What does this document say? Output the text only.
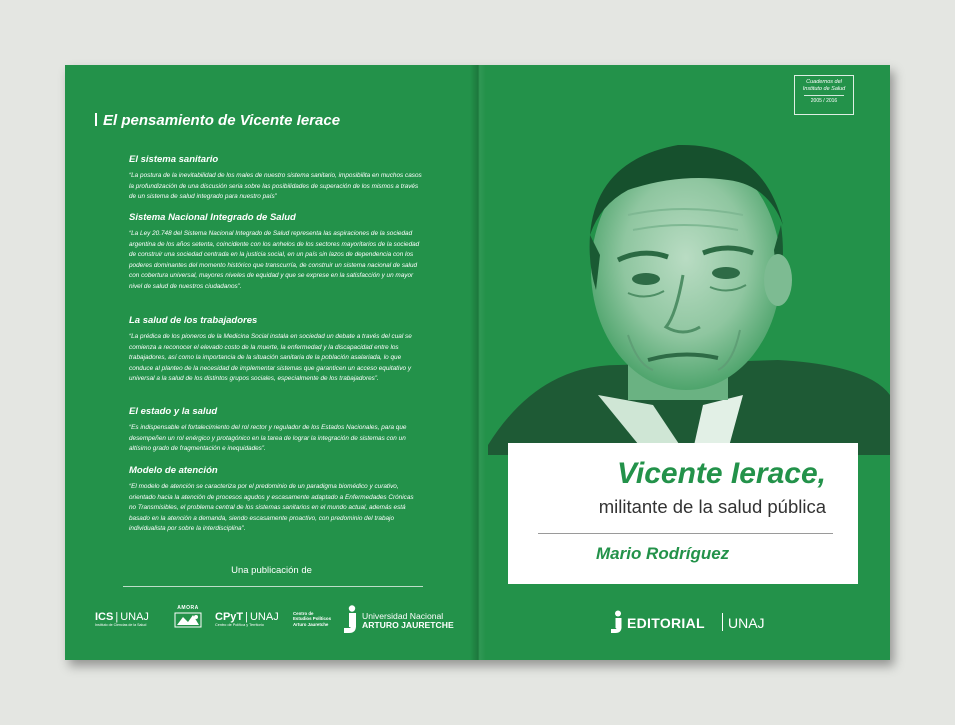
El pensamiento de Vicente Ierace
El sistema sanitario

“La postura de la inevitabilidad de los males de nuestro sistema sanitario, imposibilita en muchos casos la profundización de una discusión seria sobre las posibilidades de superación de los mismos a través de un sistema de salud integrado para nuestro país”

Sistema Nacional Integrado de Salud

“La Ley 20.748 del Sistema Nacional Integrado de Salud representa las aspiraciones de la sociedad argentina de los años setenta, coincidente con los anhelos de los sectores mayoritarios de la sociedad de construir una sociedad centrada en la justicia social, en un país sin lazos de dependencia con los poderes dominantes del momento histórico que transcurría, de construir un sistema nacional de salud con cobertura universal, mayores niveles de equidad y que se exprese en la satisfacción y un mayor nivel de salud de nuestros ciudadanos”.

La salud de los trabajadores

“La prédica de los pioneros de la Medicina Social instala en sociedad un debate a través del cual se comienza a reconocer el elevado costo de la muerte, la enfermedad y la discapacidad entre los trabajadores, así como la importancia de la situación sanitaria de la población asalariada, lo que conduce al planteo de la necesidad de implementar sistemas que garanticen un acceso equitativo y universal a la salud de los distintos grupos sociales, especialmente de los trabajadores”.

El estado y la salud

“Es indispensable el fortalecimiento del rol rector y regulador de los Estados Nacionales, para que desempeñen un rol enérgico y protagónico en la tarea de lograr la integración de sistemas con un altísimo grado de fragmentación e inequidades”.

Modelo de atención

“El modelo de atención se caracteriza por el predominio de un paradigma biomédico y curativo, orientado hacia la atención de procesos agudos y escasamente adaptado a Enfermedades Crónicas no Transmisibles, el problema central de los sistemas sanitarios en el mundo actual, además está basado en la atención a demanda, siendo escasamente proactivo, con predominio del trabajo individualista por sobre la interdisciplina”.

Una publicación de
ICS | UNAJ
Instituto de Ciencias de la Salud
AMORA
CPyT | UNAJ
Centro de Política y Territorio
Centro de
Estudios Políticos
Arturo Jauretche
Universidad Nacional
ARTURO JAURETCHE
Cuadernos del
Instituto de Salud
2005 / 2016
Vicente Ierace,
militante de la salud pública
Mario Rodríguez
EDITORIAL UNAJ
